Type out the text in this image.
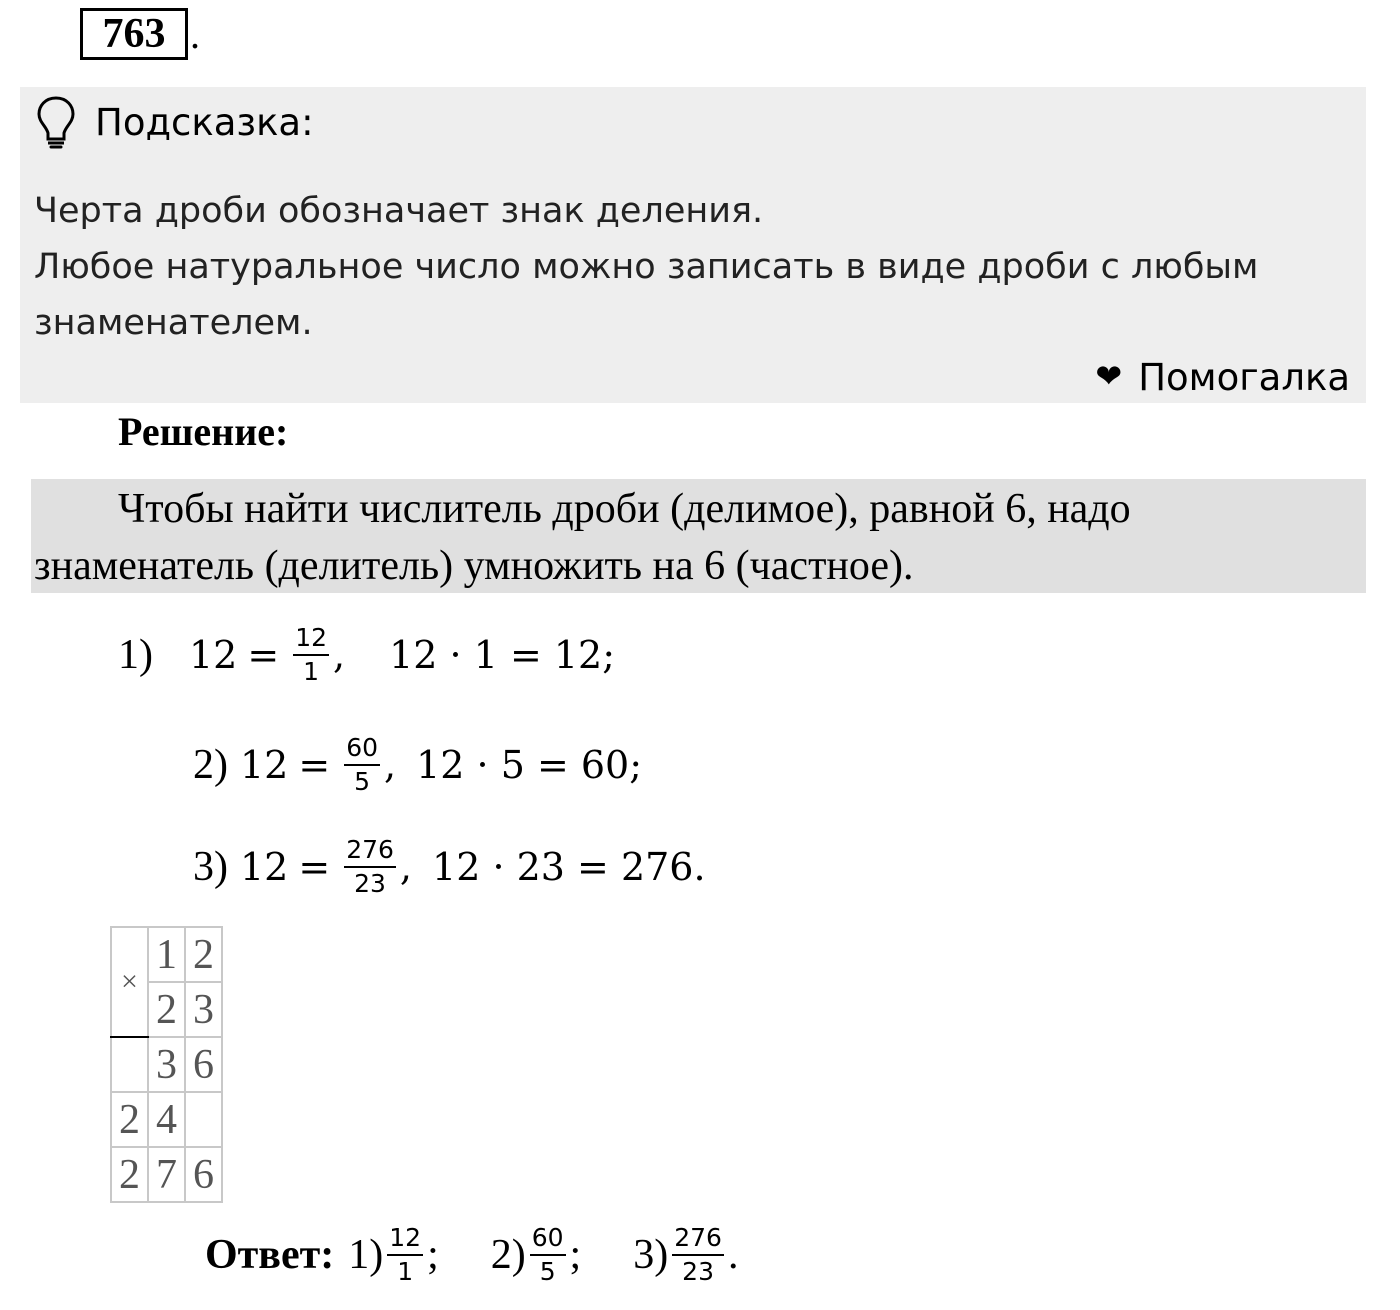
763 .
Подсказка:
Черта дроби обозначает знак деления.
Любое натуральное число можно записать в виде дроби с любым
знаменателем.
❤ Помогалка
Решение:
Чтобы найти числитель дроби (делимое), равной 6, надо
знаменатель (делитель) умножить на 6 (частное).
1) $12 = \frac{12}{1}$ , 12 · 1 = 12;
2) $12 = \frac{60}{5}$ , 12 · 5 = 60;
3) $12 = \frac{276}{23}$ , 12 · 23 = 276.
×	1	2
	2	3
	3	6
2	4	
2	7	6
Ответ: $1) \frac{12}{1}$ ; $2) \frac{60}{5}$ ; $3) \frac{276}{23}$ .
